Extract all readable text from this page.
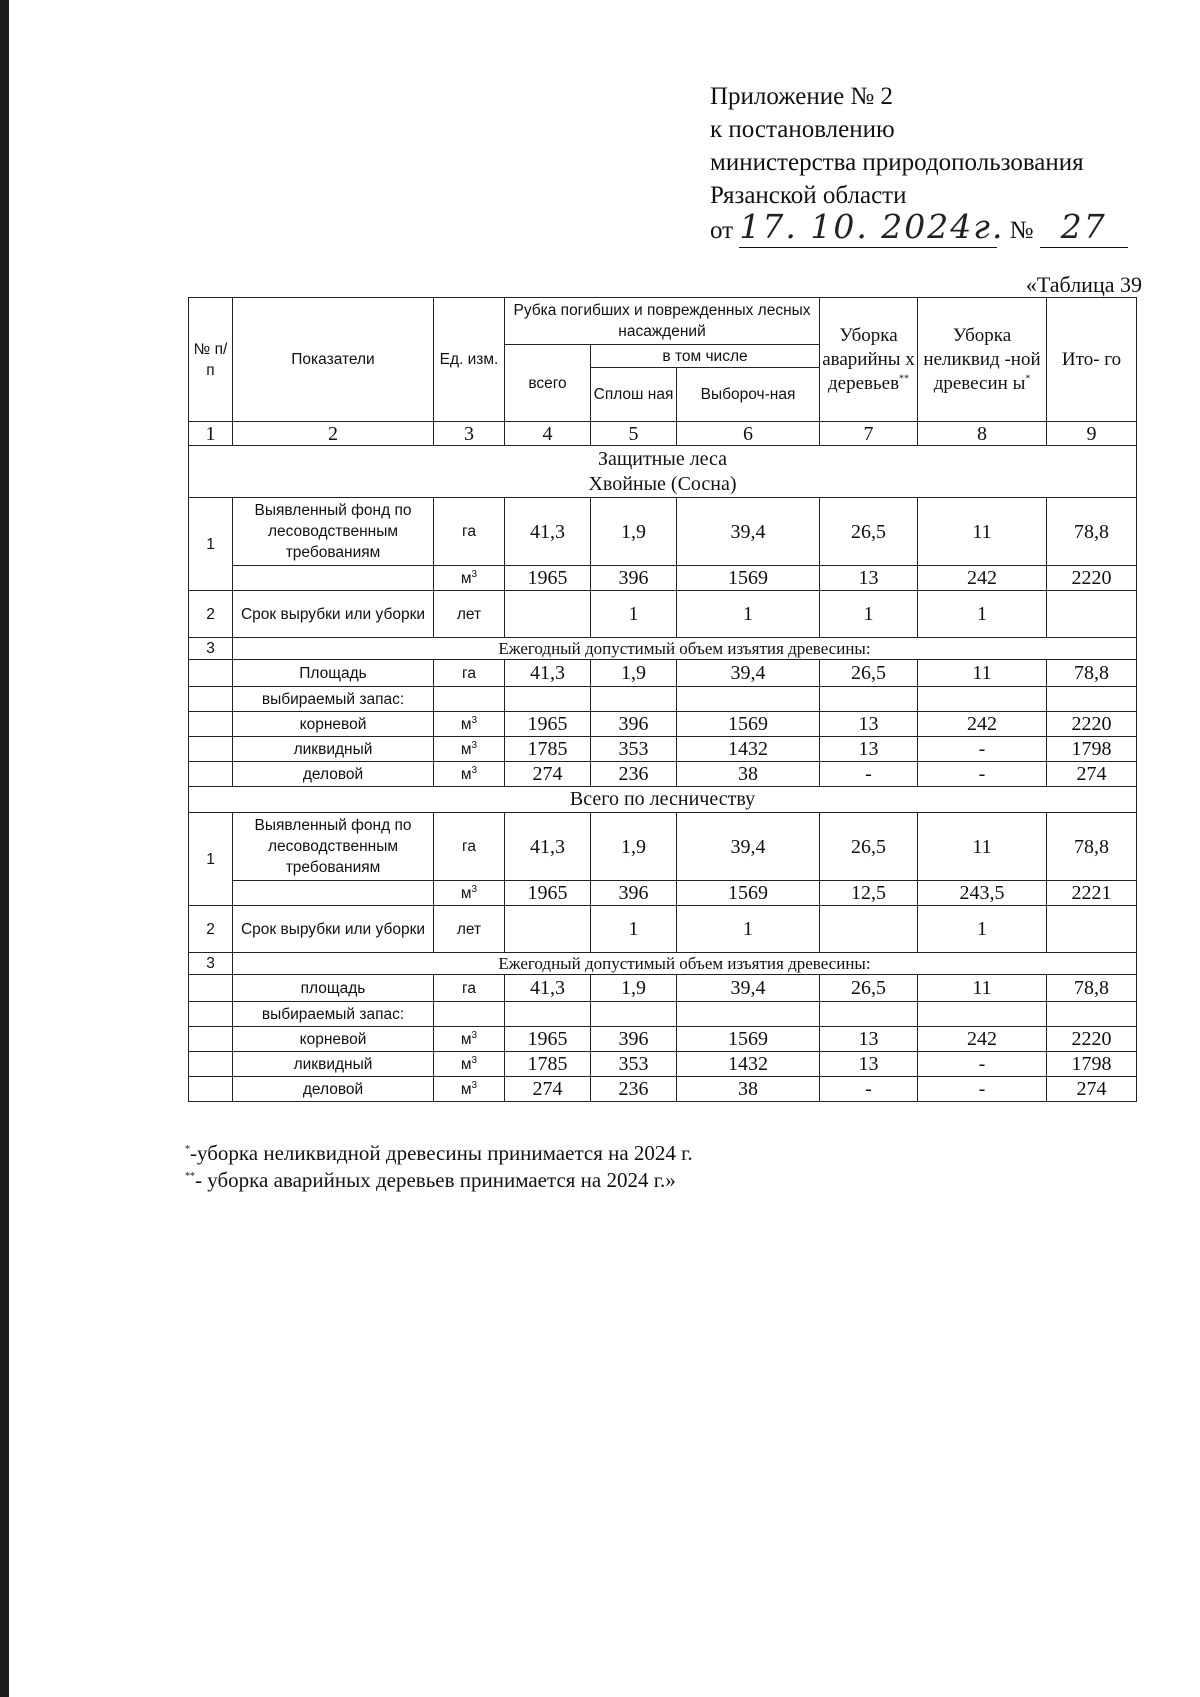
Приложение № 2
к постановлению
министерства природопользования
Рязанской области
от 17. 10. 2024г. № 27
«Таблица 39
№ п/ п	Показатели	Ед. изм.	Рубка погибших и поврежденных лесных насаждений			Уборка аварийны х деревьев**	Уборка неликвид -ной древесин ы*	Ито- го
			всего	в том числе				
				Сплош ная	Выбороч-ная			
1	2	3	4	5	6	7	8	9

Защитные леса
Хвойные (Сосна)								

1	Выявленный фонд по лесоводственным требованиям	га	41,3	1,9	39,4	26,5	11	78,8
		$м^3$	1965	396	1569	13	242	2220
2	Срок вырубки или уборки	лет		1	1	1	1	
3	Ежегодный допустимый объем изъятия древесины:							
	Площадь	га	41,3	1,9	39,4	26,5	11	78,8
	выбираемый запас:							
	корневой	$м^3$	1965	396	1569	13	242	2220
	ликвидный	$м^3$	1785	353	1432	13	-	1798
	деловой	$м^3$	274	236	38	-	-	274
Всего по лесничеству								
1	Выявленный фонд по лесоводственным требованиям	га	41,3	1,9	39,4	26,5	11	78,8
		$м^3$	1965	396	1569	12,5	243,5	2221
2	Срок вырубки или уборки	лет		1	1		1	
3	Ежегодный допустимый объем изъятия древесины:							
	площадь	га	41,3	1,9	39,4	26,5	11	78,8
	выбираемый запас:							
	корневой	$м^3$	1965	396	1569	13	242	2220
	ликвидный	$м^3$	1785	353	1432	13	-	1798
	деловой	$м^3$	274	236	38	-	-	274
*-уборка неликвидной древесины принимается на 2024 г.
**- уборка аварийных деревьев принимается на 2024 г.»
